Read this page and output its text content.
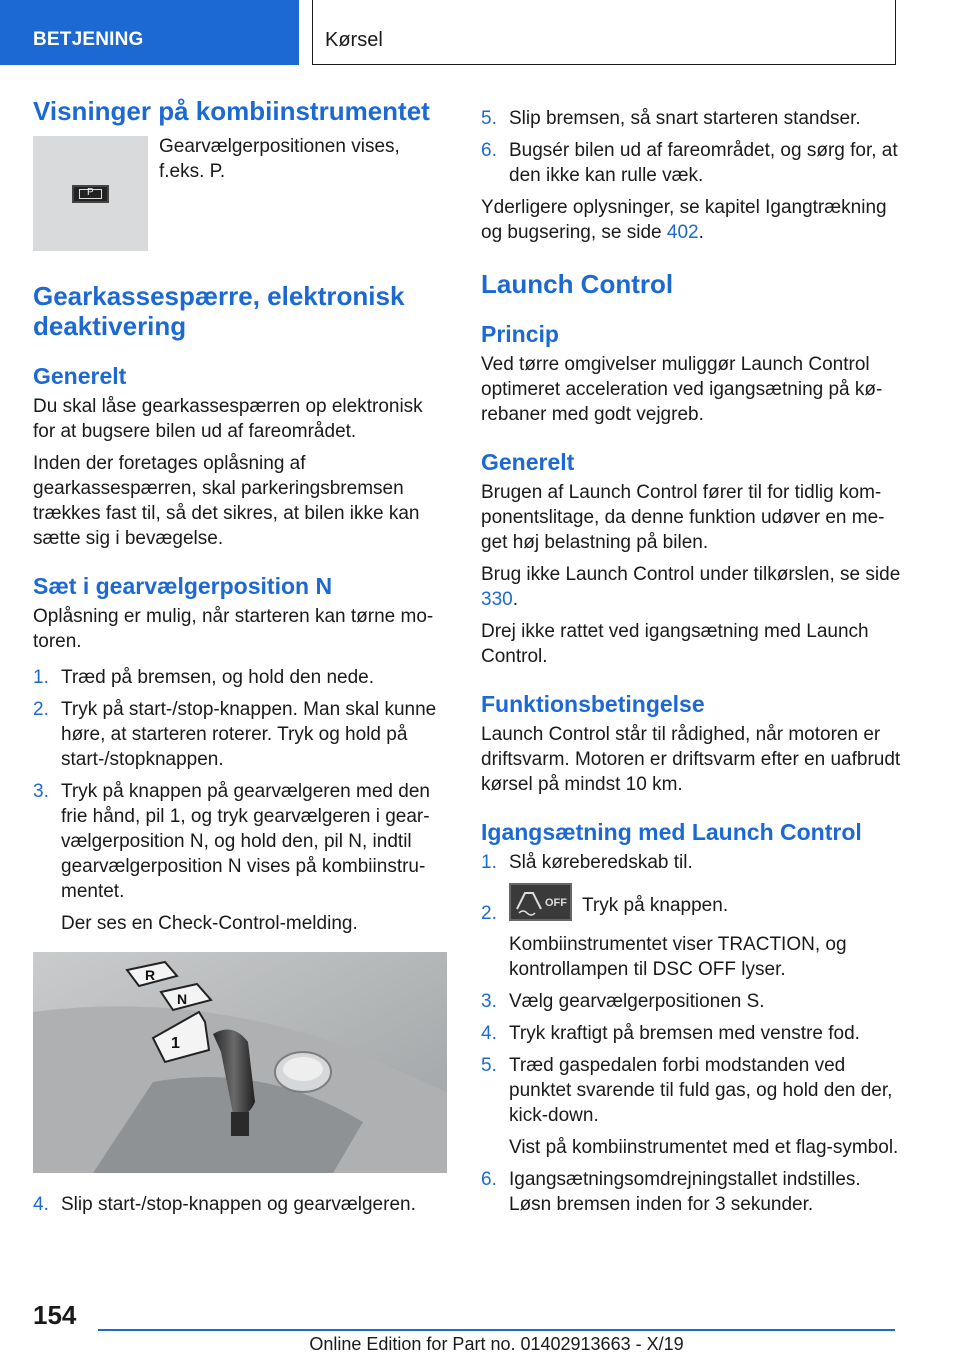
BETJENING	Kørsel
Visninger på kombiinstrumentet
P
Gearvælgerpositionen vises, f.eks. P.
Gearkassespærre, elektronisk deaktivering
Generelt
Du skal låse gearkassespærren op elektronisk for at bugsere bilen ud af fareområdet.
Inden der foretages oplåsning af gearkassespærren, skal parkeringsbremsen trækkes fast til, så det sikres, at bilen ikke kan sætte sig i bevægelse.
Sæt i gearvælgerposition N
Oplåsning er mulig, når starteren kan tørne motoren.
1. Træd på bremsen, og hold den nede.
2. Tryk på start-/stop-knappen. Man skal kunne høre, at starteren roterer. Tryk og hold på start-/stopknappen.
3. Tryk på knappen på gearvælgeren med den frie hånd, pil 1, og tryk gearvælgeren i gearvælgerposition N, og hold den, pil N, indtil gearvælgerposition N vises på kombiinstrumentet.
Der ses en Check-Control-melding.
R
N
1
4. Slip start-/stop-knappen og gearvælgeren.
5. Slip bremsen, så snart starteren standser.
6. Bugsér bilen ud af fareområdet, og sørg for, at den ikke kan rulle væk.
Yderligere oplysninger, se kapitel Igangtrækning og bugsering, se side 402.
Launch Control
Princip
Ved tørre omgivelser muliggør Launch Control optimeret acceleration ved igangsætning på kørebaner med godt vejgreb.
Generelt
Brugen af Launch Control fører til for tidlig komponentslitage, da denne funktion udøver en meget høj belastning på bilen.
Brug ikke Launch Control under tilkørslen, se side 330.
Drej ikke rattet ved igangsætning med Launch Control.
Funktionsbetingelse
Launch Control står til rådighed, når motoren er driftsvarm. Motoren er driftsvarm efter en uafbrudt kørsel på mindst 10 km.
Igangsætning med Launch Control
1. Slå køreberedskab til.
2.	OFF Tryk på knappen.
Kombiinstrumentet viser TRACTION, og kontrollampen til DSC OFF lyser.
3. Vælg gearvælgerpositionen S.
4. Tryk kraftigt på bremsen med venstre fod.
5. Træd gaspedalen forbi modstanden ved punktet svarende til fuld gas, og hold den der, kick-down.
Vist på kombiinstrumentet med et flag-symbol.
6. Igangsætningsomdrejningstallet indstilles. Løsn bremsen inden for 3 sekunder.
154
Online Edition for Part no. 01402913663 - X/19
